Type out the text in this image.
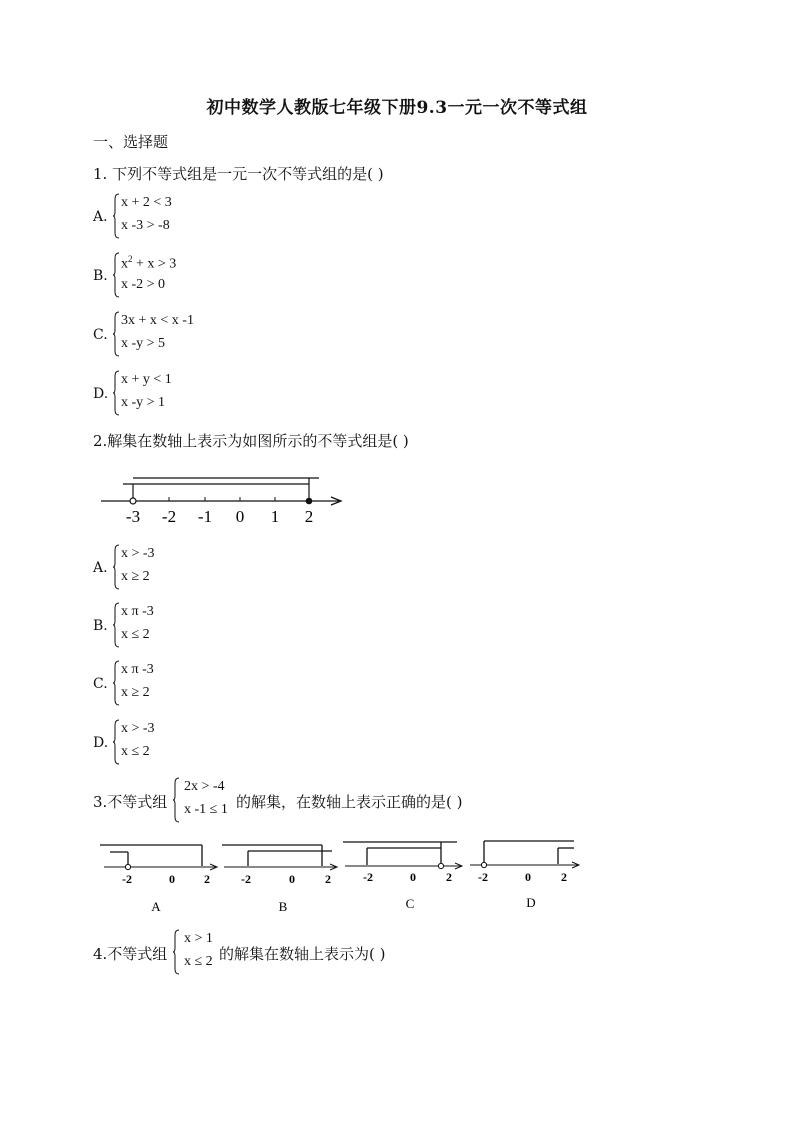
初中数学人教版七年级下册9.3一元一次不等式组
一、选择题
1. 下列不等式组是一元一次不等式组的是( )
A.
x + 2 < 3
x -3 > -8
B.
$x^2 + x > 3$
x -2 > 0
C.
3x + x < x -1
x -y > 5
D.
x + y < 1
x -y > 1
2.解集在数轴上表示为如图所示的不等式组是( )
-3 -2 -1 0 1 2
A.
x > -3
x ≥ 2
B.
x π -3
x ≤ 2
C.
x π -3
x ≥ 2
D.
x > -3
x ≤ 2
3.不等式组
2x > -4
x -1 ≤ 1 的解集，在数轴上表示正确的是( )
-2	0 2
A
-2	0	2
B
-2	0	2
C
-2	0	2
D
4.不等式组
x > 1
x ≤ 2 的解集在数轴上表示为( )
